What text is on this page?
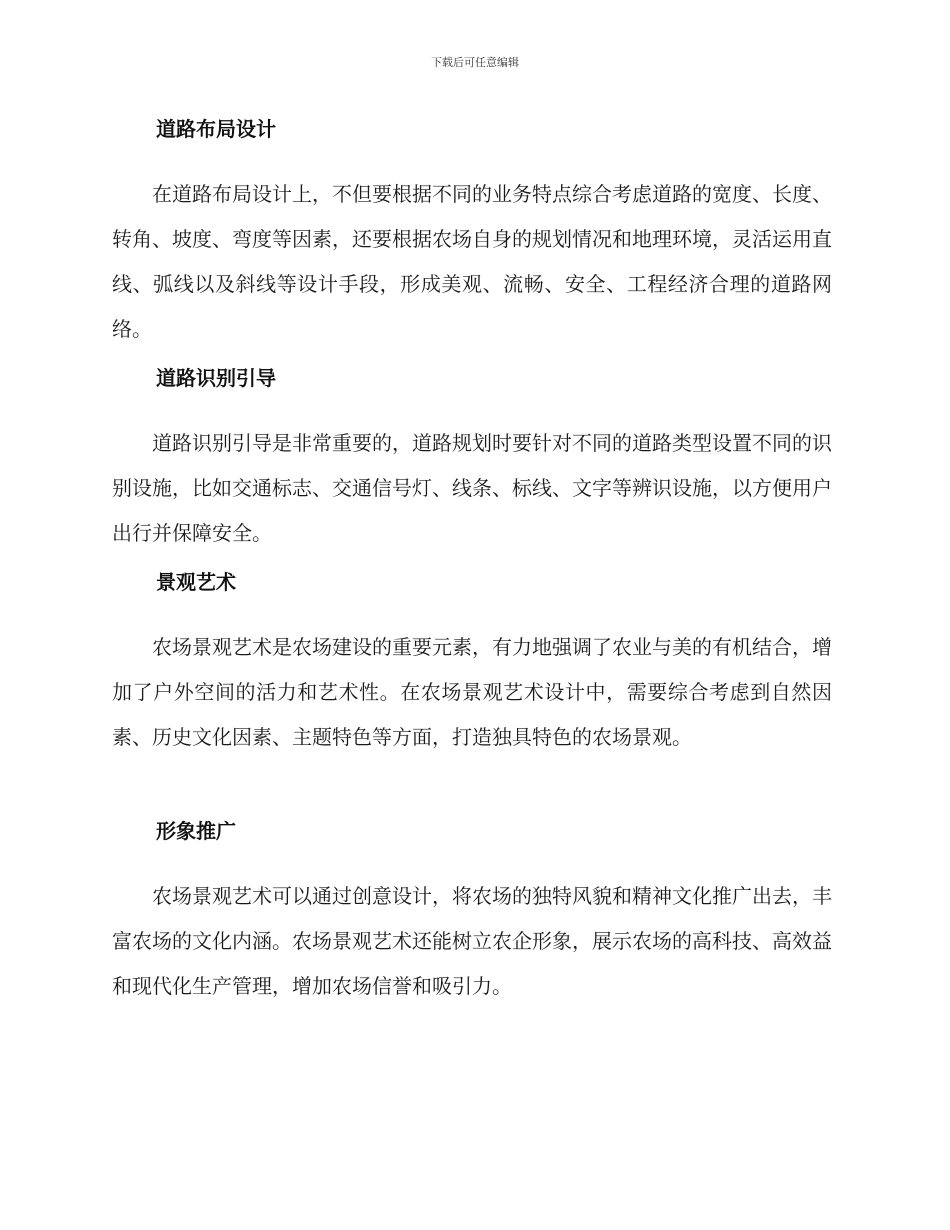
下载后可任意编辑
道路布局设计

在道路布局设计上，不但要根据不同的业务特点综合考虑道路的宽度、长度、转角、坡度、弯度等因素，还要根据农场自身的规划情况和地理环境，灵活运用直线、弧线以及斜线等设计手段，形成美观、流畅、安全、工程经济合理的道路网络。

道路识别引导

道路识别引导是非常重要的，道路规划时要针对不同的道路类型设置不同的识别设施，比如交通标志、交通信号灯、线条、标线、文字等辨识设施，以方便用户出行并保障安全。

景观艺术

农场景观艺术是农场建设的重要元素，有力地强调了农业与美的有机结合，增加了户外空间的活力和艺术性。在农场景观艺术设计中，需要综合考虑到自然因素、历史文化因素、主题特色等方面，打造独具特色的农场景观。

形象推广

农场景观艺术可以通过创意设计，将农场的独特风貌和精神文化推广出去，丰富农场的文化内涵。农场景观艺术还能树立农企形象，展示农场的高科技、高效益和现代化生产管理，增加农场信誉和吸引力。
